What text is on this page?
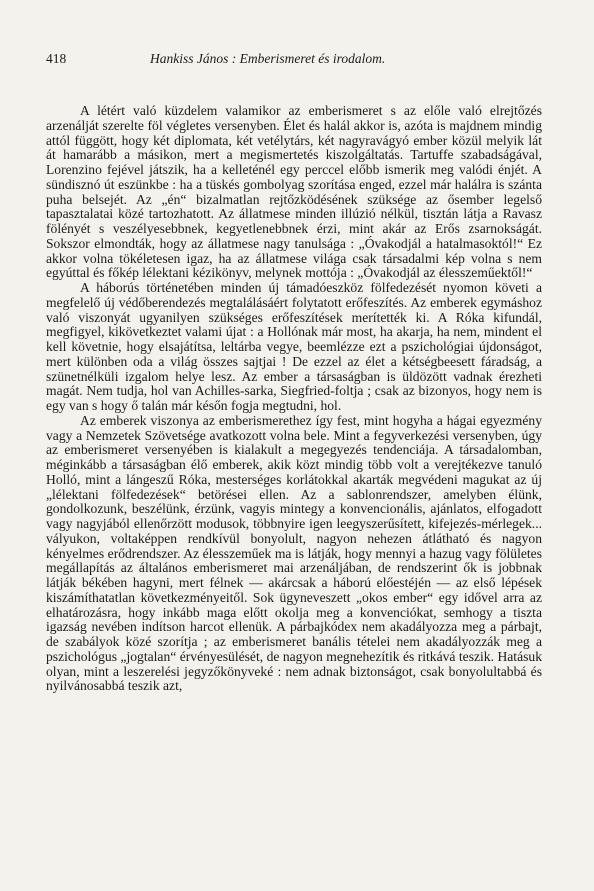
418	Hankiss János : Emberismeret és irodalom.

A létért való küzdelem valamikor az emberismeret s az előle való elrejtőzés arzenálját szerelte föl végletes versenyben. Élet és halál akkor is, azóta is majdnem mindig attól függött, hogy két diplomata, két vetélytárs, két nagyravágyó ember közül melyik lát át hamarább a másikon, mert a megismertetés kiszolgáltatás. Tartuffe szabadságával, Lorenzino fejével játszik, ha a kelleténél egy perccel előbb ismerik meg valódi énjét. A sündisznó út eszünkbe : ha a tüskés gombolyag szorítása enged, ezzel már halálra is szánta puha belsejét. Az „én“ bizalmatlan rejtőzködésének szüksége az ősember legelső tapasztalatai közé tartozhatott. Az állatmese minden illúzió nélkül, tisztán látja a Ravasz fölényét s veszélyesebbnek, kegyetlenebbnek érzi, mint akár az Erős zsarnokságát. Sokszor elmondták, hogy az állatmese nagy tanulsága : „Óvakodjál a hatalmasoktól!“ Ez akkor volna tökéletesen igaz, ha az állatmese világa csak társadalmi kép volna s nem egyúttal és főkép lélektani kézikönyv, melynek mottója : „Óvakodjál az élesszeműektől!“

A háborús történetében minden új támadóeszköz fölfedezését nyomon követi a megfelelő új védőberendezés megtalálásáért folytatott erőfeszítés. Az emberek egymáshoz való viszonyát ugyanilyen szükséges erőfeszítések merítették ki. A Róka kifundál, megfigyel, kikövetkeztet valami újat : a Hollónak már most, ha akarja, ha nem, mindent el kell követnie, hogy elsajátítsa, leltárba vegye, beemlézze ezt a pszichológiai újdonságot, mert különben oda a világ összes sajtjai ! De ezzel az élet a kétségbeesett fáradság, a szünetnélküli izgalom helye lesz. Az ember a társaságban is üldözött vadnak érezheti magát. Nem tudja, hol van Achilles-sarka, Siegfried-foltja ; csak az bizonyos, hogy nem is egy van s hogy ő talán már későn fogja megtudni, hol.

Az emberek viszonya az emberismerethez így fest, mint hogyha a hágai egyezmény vagy a Nemzetek Szövetsége avatkozott volna bele. Mint a fegyverkezési versenyben, úgy az emberismeret versenyében is kialakult a megegyezés tendenciája. A társadalomban, méginkább a társaságban élő emberek, akik közt mindig több volt a verejtékezve tanuló Holló, mint a lángeszű Róka, mesterséges korlátokkal akarták megvédeni magukat az új „lélektani fölfedezések“ betörései ellen. Az a sablonrendszer, amelyben élünk, gondolkozunk, beszélünk, érzünk, vagyis mintegy a konvencionális, ajánlatos, elfogadott vagy nagyjából ellenőrzött modusok, többnyire igen leegyszerűsített, kifejezés-mérlegek... vályukon, voltaképpen rendkívül bonyolult, nagyon nehezen átlátható és nagyon kényelmes erődrendszer. Az élesszeműek ma is látják, hogy mennyi a hazug vagy fölületes megállapítás az általános emberismeret mai arzenáljában, de rendszerint ők is jobbnak látják békében hagyni, mert félnek — akárcsak a háború előestéjén — az első lépések kiszámíthatatlan következményeitől. Sok ügyneveszett „okos ember“ egy idővel arra az elhatározásra, hogy inkább maga előtt okolja meg a konvenciókat, semhogy a tiszta igazság nevében indítson harcot ellenük. A párbajkódex nem akadályozza meg a párbajt, de szabályok közé szorítja ; az emberismeret banális tételei nem akadályozzák meg a pszichológus „jogtalan“ érvényesülését, de nagyon megnehezítik és ritkává teszik. Hatásuk olyan, mint a leszerelési jegyzőkönyveké : nem adnak biztonságot, csak bonyolultabbá és nyilvánosabbá teszik azt,
